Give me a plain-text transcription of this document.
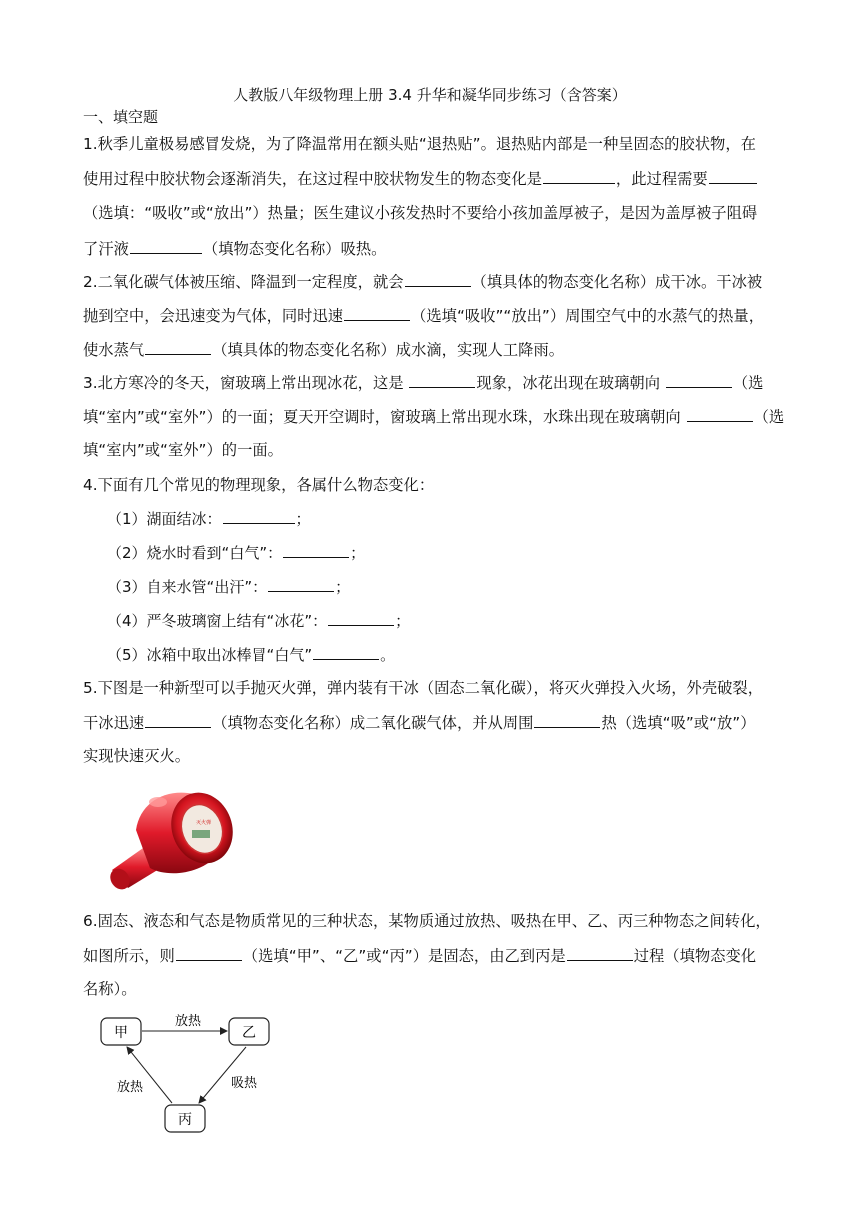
人教版八年级物理上册 3.4 升华和凝华同步练习（含答案）
一、填空题
1.秋季儿童极易感冒发烧，为了降温常用在额头贴“退热贴”。退热贴内部是一种呈固态的胶状物，在
使用过程中胶状物会逐渐消失，在这过程中胶状物发生的物态变化是	，此过程需要
（选填：“吸收”或“放出”）热量；医生建议小孩发热时不要给小孩加盖厚被子，是因为盖厚被子阻碍
了汗液	（填物态变化名称）吸热。
2.二氧化碳气体被压缩、降温到一定程度，就会	（填具体的物态变化名称）成干冰。干冰被
抛到空中，会迅速变为气体，同时迅速	（选填“吸收”“放出”）周围空气中的水蒸气的热量，
使水蒸气	（填具体的物态变化名称）成水滴，实现人工降雨。
3.北方寒冷的冬天，窗玻璃上常出现冰花，这是	现象，冰花出现在玻璃朝向	（选
填“室内”或“室外”）的一面；夏天开空调时，窗玻璃上常出现水珠，水珠出现在玻璃朝向	（选
填“室内”或“室外”）的一面。
4.下面有几个常见的物理现象，各属什么物态变化：
（1）湖面结冰：	；
（2）烧水时看到“白气”：	；
（3）自来水管“出汗”：	；
（4）严冬玻璃窗上结有“冰花”：	；
（5）冰箱中取出冰棒冒“白气”	。
5.下图是一种新型可以手抛灭火弹，弹内装有干冰（固态二氧化碳），将灭火弹投入火场，外壳破裂，
干冰迅速	（填物态变化名称）成二氧化碳气体，并从周围	热（选填“吸”或“放”）
实现快速灭火。
灭火弹
6.固态、液态和气态是物质常见的三种状态，某物质通过放热、吸热在甲、乙、丙三种物态之间转化，
如图所示，则	（选填“甲”、“乙”或“丙”）是固态，由乙到丙是	过程（填物态变化
名称）。
甲	乙
丙
放热
吸热
放热
